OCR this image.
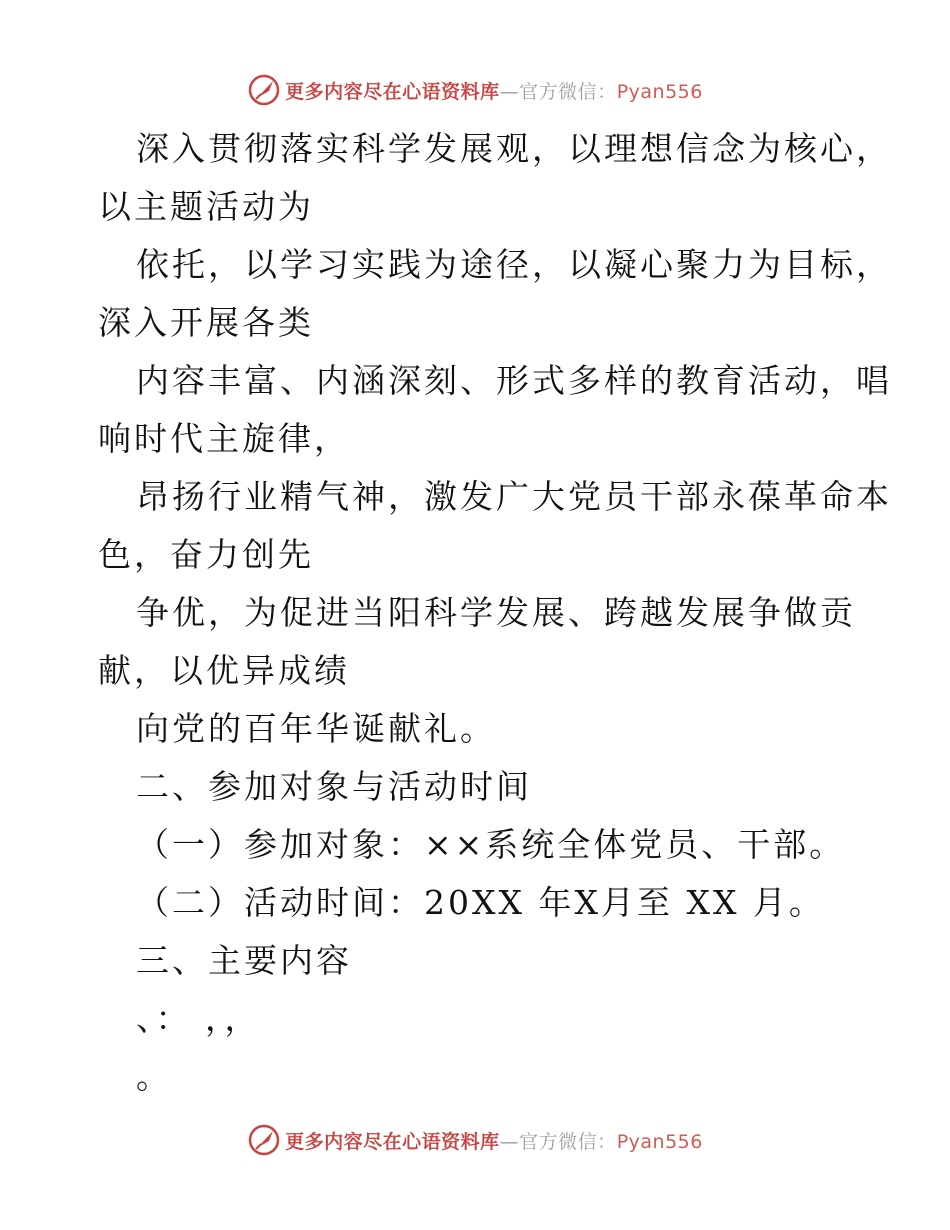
更多内容尽在心语资料库—官方微信：Pyan556
深入贯彻落实科学发展观，以理想信念为核心，
以主题活动为
依托，以学习实践为途径，以凝心聚力为目标，
深入开展各类
内容丰富、内涵深刻、形式多样的教育活动，唱
响时代主旋律，
昂扬行业精气神，激发广大党员干部永葆革命本
色，奋力创先
争优，为促进当阳科学发展、跨越发展争做贡
献，以优异成绩
向党的百年华诞献礼。
二、参加对象与活动时间
（一）参加对象：××系统全体党员、干部。
（二）活动时间：20XX 年X月至 XX 月。
三、主要内容
、： ，，
。
更多内容尽在心语资料库—官方微信：Pyan556
